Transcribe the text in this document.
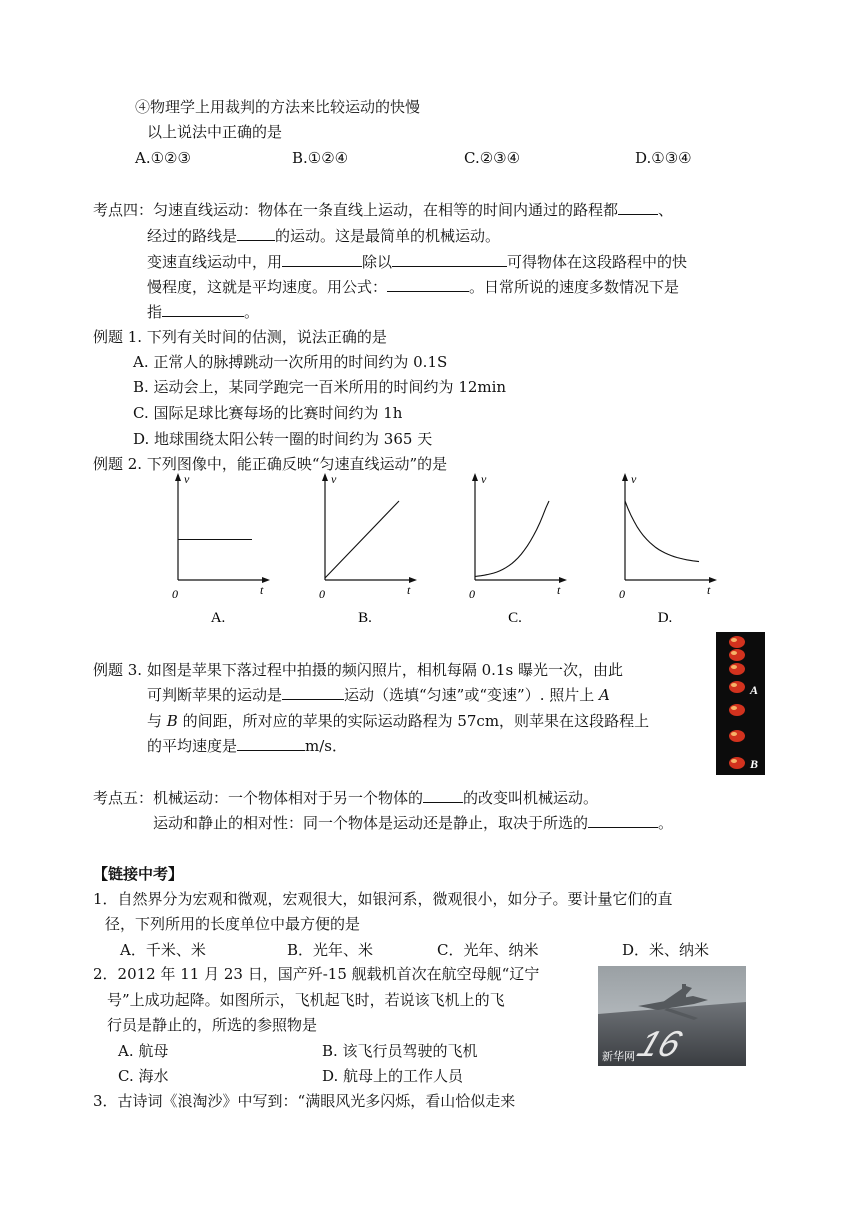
④物理学上用裁判的方法来比较运动的快慢
以上说法中正确的是
A.①②③	B.①②④	C.②③④	D.①③④
考点四：匀速直线运动：物体在一条直线上运动，在相等的时间内通过的路程都	、
经过的路线是	的运动。这是最简单的机械运动。
变速直线运动中，用	除以	可得物体在这段路程中的快
慢程度，这就是平均速度。用公式：	。日常所说的速度多数情况下是
指	。
例题 1. 下列有关时间的估测，说法正确的是
A. 正常人的脉搏跳动一次所用的时间约为 0.1S
B. 运动会上，某同学跑完一百米所用的时间约为 12min
C. 国际足球比赛每场的比赛时间约为 1h
D. 地球围绕太阳公转一圈的时间约为 365 天
例题 2. 下列图像中，能正确反映“匀速直线运动”的是
v
t
0
A.
v
t
0
B.
v
t
0
C.
v
t
0
D.
例题 3. 如图是苹果下落过程中拍摄的频闪照片，相机每隔 0.1s 曝光一次，由此
可判断苹果的运动是	运动（选填“匀速”或“变速”）. 照片上 A
与 B 的间距，所对应的苹果的实际运动路程为 57cm，则苹果在这段路程上
的平均速度是	m/s．
A
B
考点五：机械运动：一个物体相对于另一个物体的	的改变叫机械运动。
运动和静止的相对性：同一个物体是运动还是静止，取决于所选的	。
【链接中考】
1．自然界分为宏观和微观，宏观很大，如银河系，微观很小，如分子。要计量它们的直
径，下列所用的长度单位中最方便的是
A．千米、米	B．光年、米	C．光年、纳米	D．米、纳米
2．2012 年 11 月 23 日，国产歼-15 舰载机首次在航空母舰“辽宁
号”上成功起降。如图所示，飞机起飞时，若说该飞机上的飞
行员是静止的，所选的参照物是
A. 航母	B. 该飞行员驾驶的飞机
C. 海水	D. 航母上的工作人员
16
新华网
3．古诗词《浪淘沙》中写到：“满眼风光多闪烁，看山恰似走来
